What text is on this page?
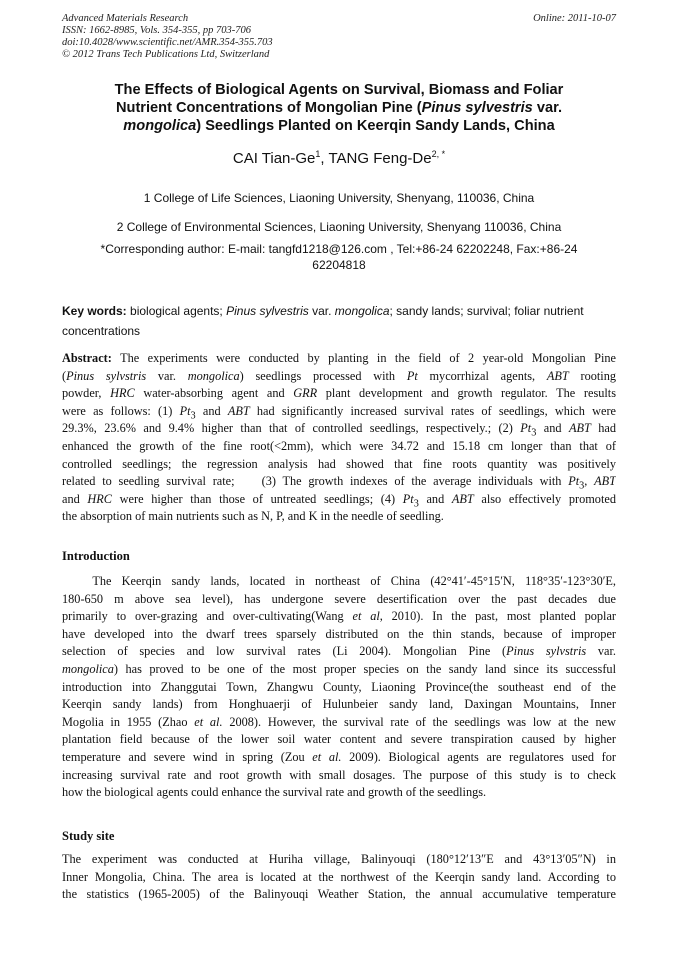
Advanced Materials Research
ISSN: 1662-8985, Vols. 354-355, pp 703-706
doi:10.4028/www.scientific.net/AMR.354-355.703
© 2012 Trans Tech Publications Ltd, Switzerland
Online: 2011-10-07
The Effects of Biological Agents on Survival, Biomass and Foliar
Nutrient Concentrations of Mongolian Pine (Pinus sylvestris var.
mongolica) Seedlings Planted on Keerqin Sandy Lands, China
CAI Tian-Ge$^1$, TANG Feng-$De^{2, *}$
1 College of Life Sciences, Liaoning University, Shenyang, 110036, China
2 College of Environmental Sciences, Liaoning University, Shenyang 110036, China
*Corresponding author: E-mail: tangfd1218@126.com , Tel:+86-24 62202248, Fax:+86-24
62204818
Key words: biological agents; Pinus sylvestris var. mongolica; sandy lands; survival; foliar nutrient
concentrations
Abstract: The experiments were conducted by planting in the field of 2 year-old Mongolian Pine
(Pinus sylvstris var. mongolica) seedlings processed with Pt mycorrhizal agents, ABT rooting
powder, HRC water-absorbing agent and GRR plant development and growth regulator. The results
were as follows: (1) $Pt_3$ and ABT had significantly increased survival rates of seedlings, which were
29.3%, 23.6% and 9.4% higher than that of controlled seedlings, respectively.; (2) $Pt_3$ and ABT had
enhanced the growth of the fine root(<2mm), which were 34.72 and 15.18 cm longer than that of
controlled seedlings; the regression analysis had showed that fine roots quantity was positively
related to seedling survival rate;    (3) The growth indexes of the average individuals with $Pt_3$, ABT
and HRC were higher than those of untreated seedlings; (4) $Pt_3$ and ABT also effectively promoted
the absorption of main nutrients such as N, P, and K in the needle of seedling.
Introduction
The Keerqin sandy lands, located in northeast of China (42°41′-45°15′N, 118°35′-123°30′E,
180-650 m above sea level), has undergone severe desertification over the past decades due
primarily to over-grazing and over-cultivating(Wang et al, 2010). In the past, most planted poplar
have developed into the dwarf trees sparsely distributed on the thin stands, because of improper
selection of species and low survival rates (Li 2004). Mongolian Pine (Pinus sylvstris var.
mongolica) has proved to be one of the most proper species on the sandy land since its successful
introduction into Zhanggutai Town, Zhangwu County, Liaoning Province(the southeast end of the
Keerqin sandy lands) from Honghuaerji of Hulunbeier sandy land, Daxingan Mountains, Inner
Mogolia in 1955 (Zhao et al. 2008). However, the survival rate of the seedlings was low at the new
plantation field because of the lower soil water content and severe transpiration caused by higher
temperature and severe wind in spring (Zou et al. 2009). Biological agents are regulatores used for
increasing survival rate and root growth with small dosages. The purpose of this study is to check
how the biological agents could enhance the survival rate and growth of the seedlings.
Study site
The experiment was conducted at Huriha village, Balinyouqi (180°12′13″E and 43°13′05″N) in
Inner Mongolia, China. The area is located at the northwest of the Keerqin sandy land. According to
the statistics (1965-2005) of the Balinyouqi Weather Station, the annual accumulative temperature
